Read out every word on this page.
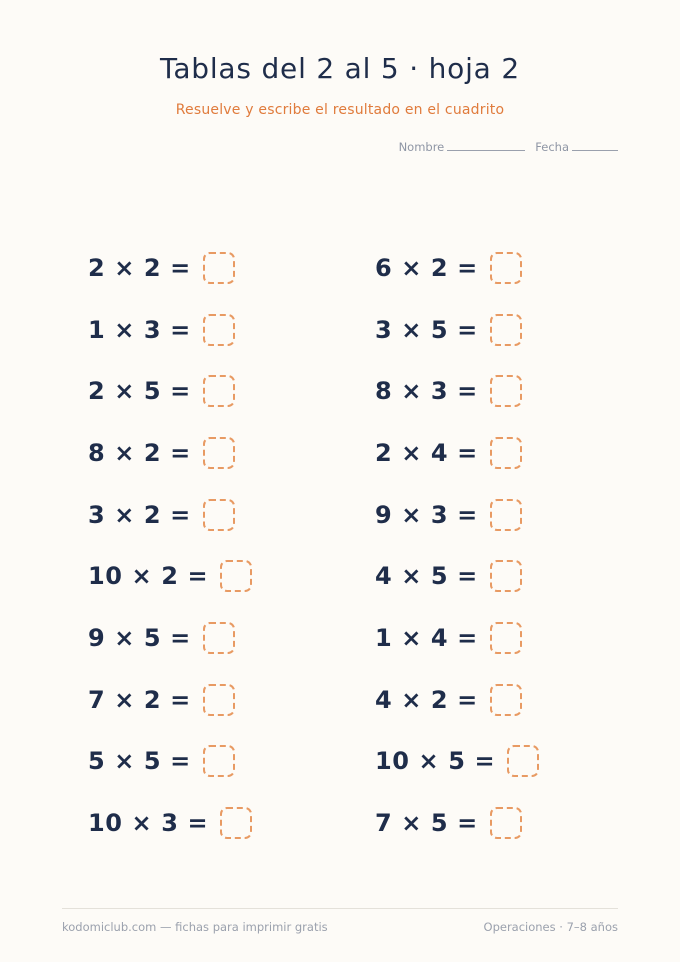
Tablas del 2 al 5 · hoja 2
Resuelve y escribe el resultado en el cuadrito
Nombre	Fecha
2 × 2 =
1 × 3 =
2 × 5 =
8 × 2 =
3 × 2 =
10 × 2 =
9 × 5 =
7 × 2 =
5 × 5 =
10 × 3 =
6 × 2 =
3 × 5 =
8 × 3 =
2 × 4 =
9 × 3 =
4 × 5 =
1 × 4 =
4 × 2 =
10 × 5 =
7 × 5 =
kodomiclub.com — fichas para imprimir gratis	Operaciones · 7–8 años
